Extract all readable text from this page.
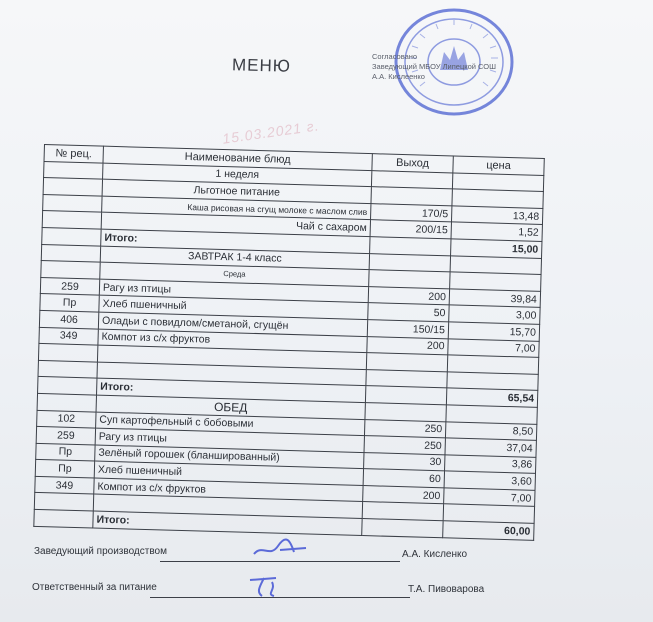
МЕНЮ	Согласовано
Заведующий МБОУ Липецкой СОШ
А.А. Кислеенко
15.03.2021 г.
№ рец.	Наименование блюд	Выход	цена
	1 неделя		
	Льготное питание		
	Каша рисовая на сгущ молоке с маслом слив	170/5	13,48
	Чай с сахаром	200/15	1,52
	Итого:		15,00
	ЗАВТРАК 1-4 класс		
	Среда		
259	Рагу из птицы	200	39,84
Пр	Хлеб пшеничный	50	3,00
406	Оладьи с повидлом/сметаной, сгущён	150/15	15,70
349	Компот из с/х фруктов	200	7,00

	Итого:		65,54
	ОБЕД		
102	Суп картофельный с бобовыми	250	8,50
259	Рагу из птицы	250	37,04
Пр	Зелёный горошек (бланшированный)	30	3,86
Пр	Хлеб пшеничный	60	3,60
349	Компот из с/х фруктов	200	7,00

	Итого:		60,00
Заведующий производством	А.А. Кисленко
Ответственный за питание	Т.А. Пивоварова
